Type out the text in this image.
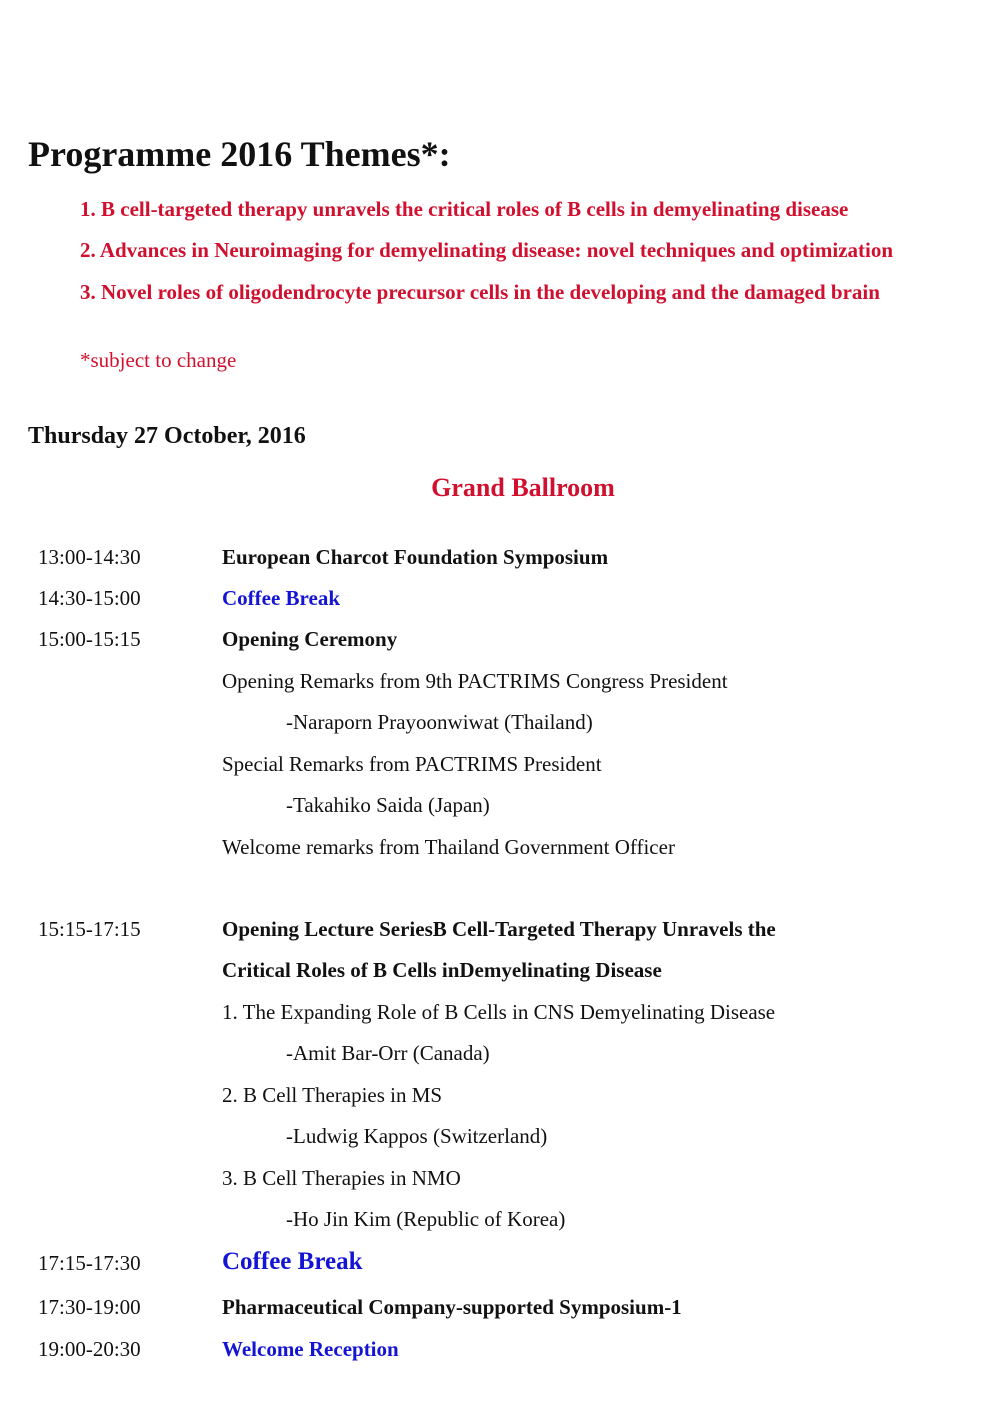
Programme 2016 Themes*:
1. B cell-targeted therapy unravels the critical roles of B cells in demyelinating disease
2. Advances in Neuroimaging for demyelinating disease: novel techniques and optimization
3. Novel roles of oligodendrocyte precursor cells in the developing and the damaged brain
*subject to change
Thursday 27 October, 2016
Grand Ballroom
13:00-14:30	European Charcot Foundation Symposium
14:30-15:00	Coffee Break
15:00-15:15	Opening Ceremony
Opening Remarks from 9th PACTRIMS Congress President
-Naraporn Prayoonwiwat (Thailand)
Special Remarks from PACTRIMS President
-Takahiko Saida (Japan)
Welcome remarks from Thailand Government Officer
15:15-17:15	Opening Lecture SeriesB Cell-Targeted Therapy Unravels the
Critical Roles of B Cells inDemyelinating Disease
1. The Expanding Role of B Cells in CNS Demyelinating Disease
-Amit Bar-Orr (Canada)
2. B Cell Therapies in MS
-Ludwig Kappos (Switzerland)
3. B Cell Therapies in NMO
-Ho Jin Kim (Republic of Korea)
17:15-17:30	Coffee Break
17:30-19:00	Pharmaceutical Company-supported Symposium-1
19:00-20:30	Welcome Reception
